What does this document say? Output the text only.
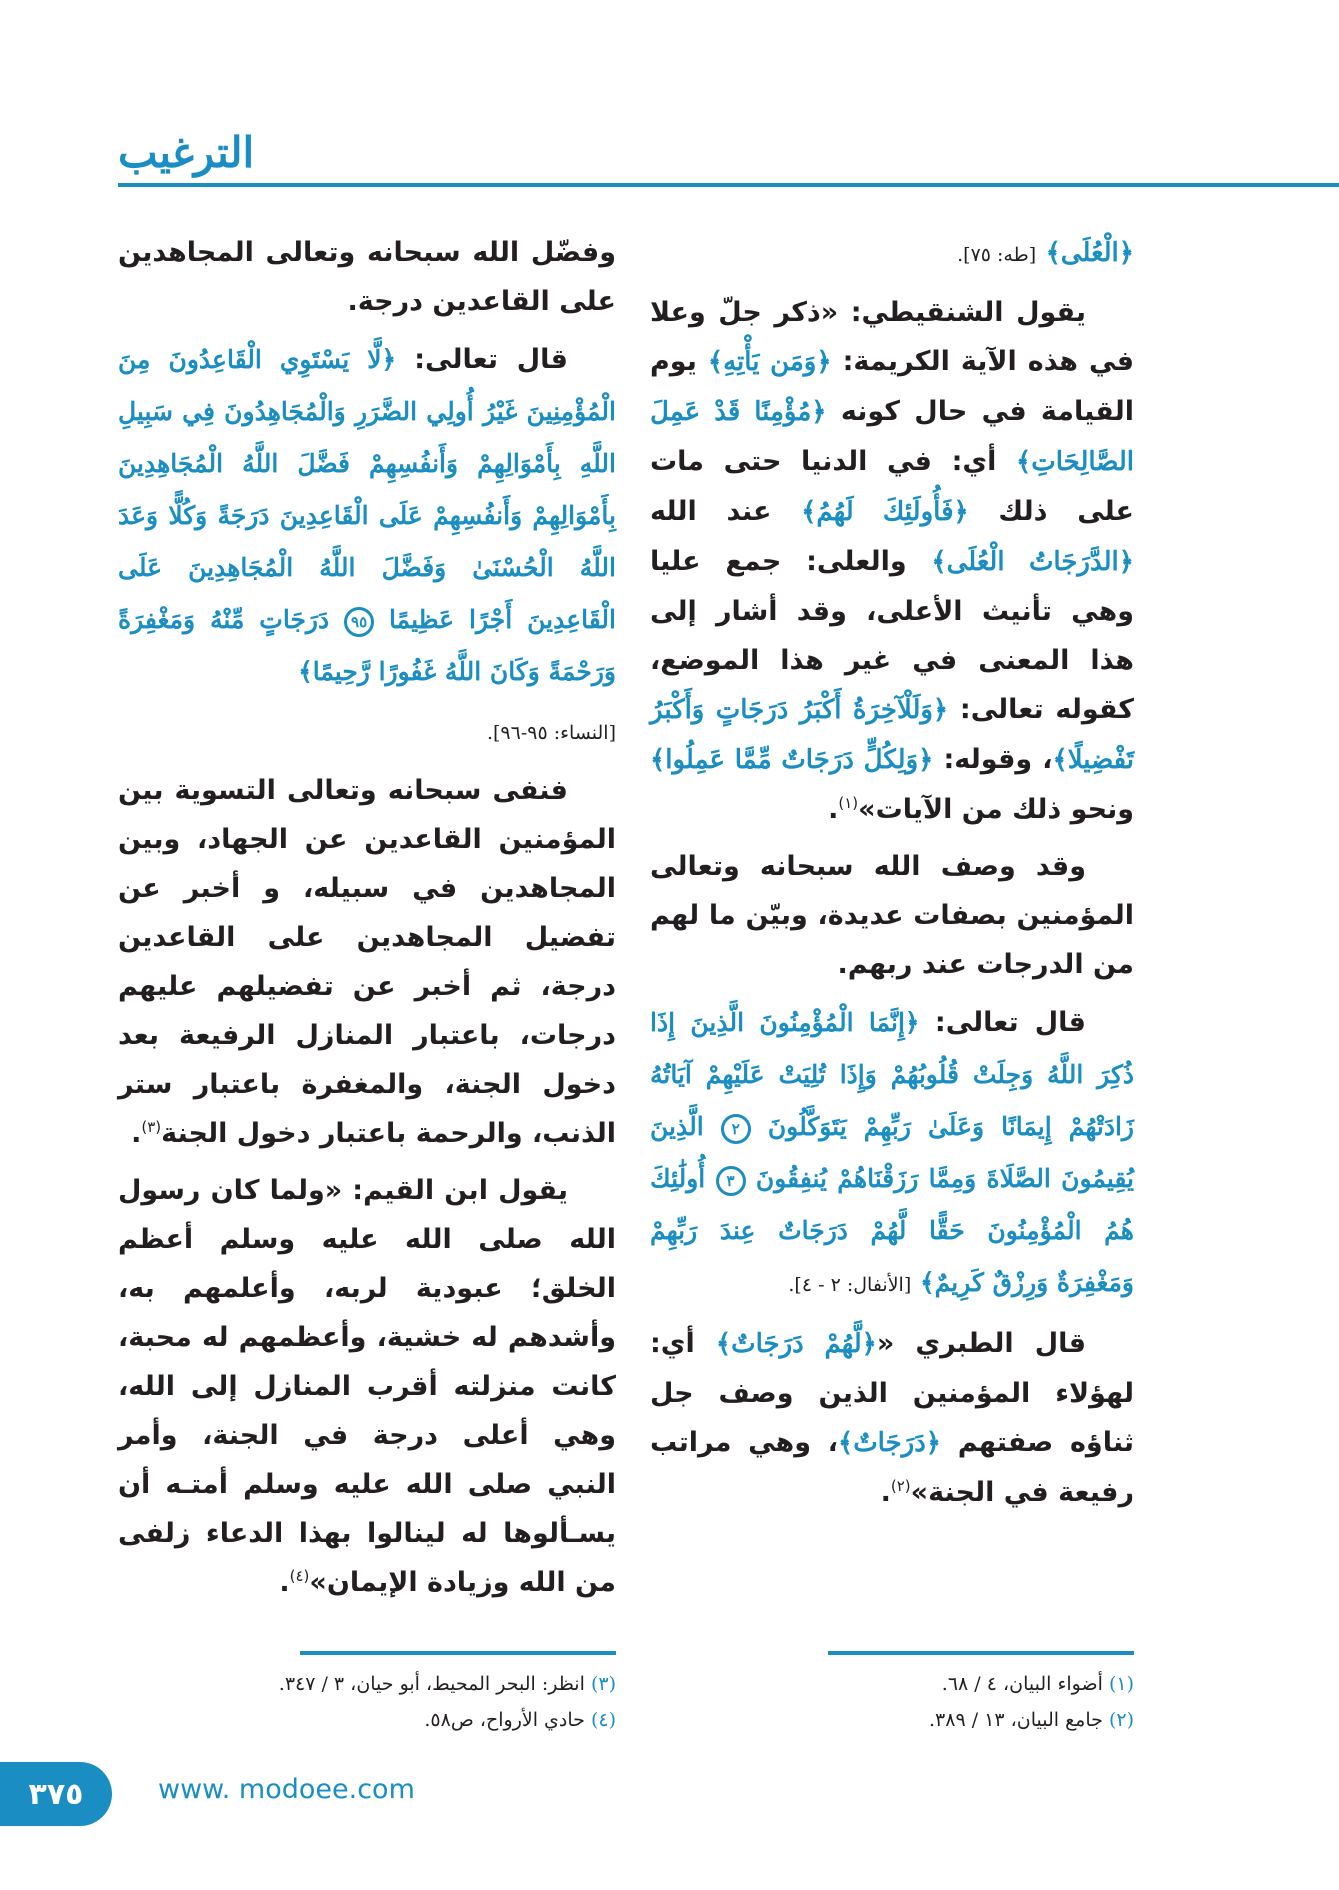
الترغيب

﴿الْعُلَى﴾ [طه: ٧٥].

يقول الشنقيطي: «ذكر جلّ وعلا في هذه الآية الكريمة: ﴿وَمَن يَأْتِهِ﴾ يوم القيامة في حال كونه ﴿مُؤْمِنًا قَدْ عَمِلَ الصَّالِحَاتِ﴾ أي: في الدنيا حتى مات على ذلك ﴿فَأُولَئِكَ لَهُمُ﴾ عند الله ﴿الدَّرَجَاتُ الْعُلَى﴾ والعلى: جمع عليا وهي تأنيث الأعلى، وقد أشار إلى هذا المعنى في غير هذا الموضع، كقوله تعالى: ﴿وَلَلْآخِرَةُ أَكْبَرُ دَرَجَاتٍ وَأَكْبَرُ تَفْضِيلًا﴾، وقوله: ﴿وَلِكُلٍّ دَرَجَاتٌ مِّمَّا عَمِلُوا﴾ ونحو ذلك من الآيات»$^{(١)}$.

وقد وصف الله سبحانه وتعالى المؤمنين بصفات عديدة، وبيّن ما لهم من الدرجات عند ربهم.

قال تعالى: ﴿إِنَّمَا الْمُؤْمِنُونَ الَّذِينَ إِذَا ذُكِرَ اللَّهُ وَجِلَتْ قُلُوبُهُمْ وَإِذَا تُلِيَتْ عَلَيْهِمْ آيَاتُهُ زَادَتْهُمْ إِيمَانًا وَعَلَىٰ رَبِّهِمْ يَتَوَكَّلُونَ ٢ الَّذِينَ يُقِيمُونَ الصَّلَاةَ وَمِمَّا رَزَقْنَاهُمْ يُنفِقُونَ ٣ أُولَٰئِكَ هُمُ الْمُؤْمِنُونَ حَقًّا لَّهُمْ دَرَجَاتٌ عِندَ رَبِّهِمْ وَمَغْفِرَةٌ وَرِزْقٌ كَرِيمٌ﴾ [الأنفال: ٢ - ٤].

قال الطبري «﴿لَّهُمْ دَرَجَاتٌ﴾ أي: لهؤلاء المؤمنين الذين وصف جل ثناؤه صفتهم ﴿دَرَجَاتٌ﴾، وهي مراتب رفيعة في الجنة»$^{(٢)}$.

وفضّل الله سبحانه وتعالى المجاهدين على القاعدين درجة.

قال تعالى: ﴿لَّا يَسْتَوِي الْقَاعِدُونَ مِنَ الْمُؤْمِنِينَ غَيْرُ أُولِي الضَّرَرِ وَالْمُجَاهِدُونَ فِي سَبِيلِ اللَّهِ بِأَمْوَالِهِمْ وَأَنفُسِهِمْ فَضَّلَ اللَّهُ الْمُجَاهِدِينَ بِأَمْوَالِهِمْ وَأَنفُسِهِمْ عَلَى الْقَاعِدِينَ دَرَجَةً وَكُلًّا وَعَدَ اللَّهُ الْحُسْنَىٰ وَفَضَّلَ اللَّهُ الْمُجَاهِدِينَ عَلَى الْقَاعِدِينَ أَجْرًا عَظِيمًا ٩٥ دَرَجَاتٍ مِّنْهُ وَمَغْفِرَةً وَرَحْمَةً وَكَانَ اللَّهُ غَفُورًا رَّحِيمًا﴾

[النساء: ٩٥-٩٦].

فنفى سبحانه وتعالى التسوية بين المؤمنين القاعدين عن الجهاد، وبين المجاهدين في سبيله، و أخبر عن تفضيل المجاهدين على القاعدين درجة، ثم أخبر عن تفضيلهم عليهم درجات، باعتبار المنازل الرفيعة بعد دخول الجنة، والمغفرة باعتبار ستر الذنب، والرحمة باعتبار دخول الجنة$^{(٣)}$.

يقول ابن القيم: «ولما كان رسول الله صلى الله عليه وسلم أعظم الخلق؛ عبودية لربه، وأعلمهم به، وأشدهم له خشية، وأعظمهم له محبة، كانت منزلته أقرب المنازل إلى الله، وهي أعلى درجة في الجنة، وأمر النبي صلى الله عليه وسلم أمتـه أن يسـألوها له لينالوا بهذا الدعاء زلفى من الله وزيادة الإيمان»$^{(٤)}$.

(١) أضواء البيان، ٤ / ٦٨.
(٢) جامع البيان، ١٣ / ٣٨٩.
(٣) انظر: البحر المحيط، أبو حيان، ٣ / ٣٤٧.
(٤) حادي الأرواح، ص٥٨.
٣٧٥	www. modoee.com
